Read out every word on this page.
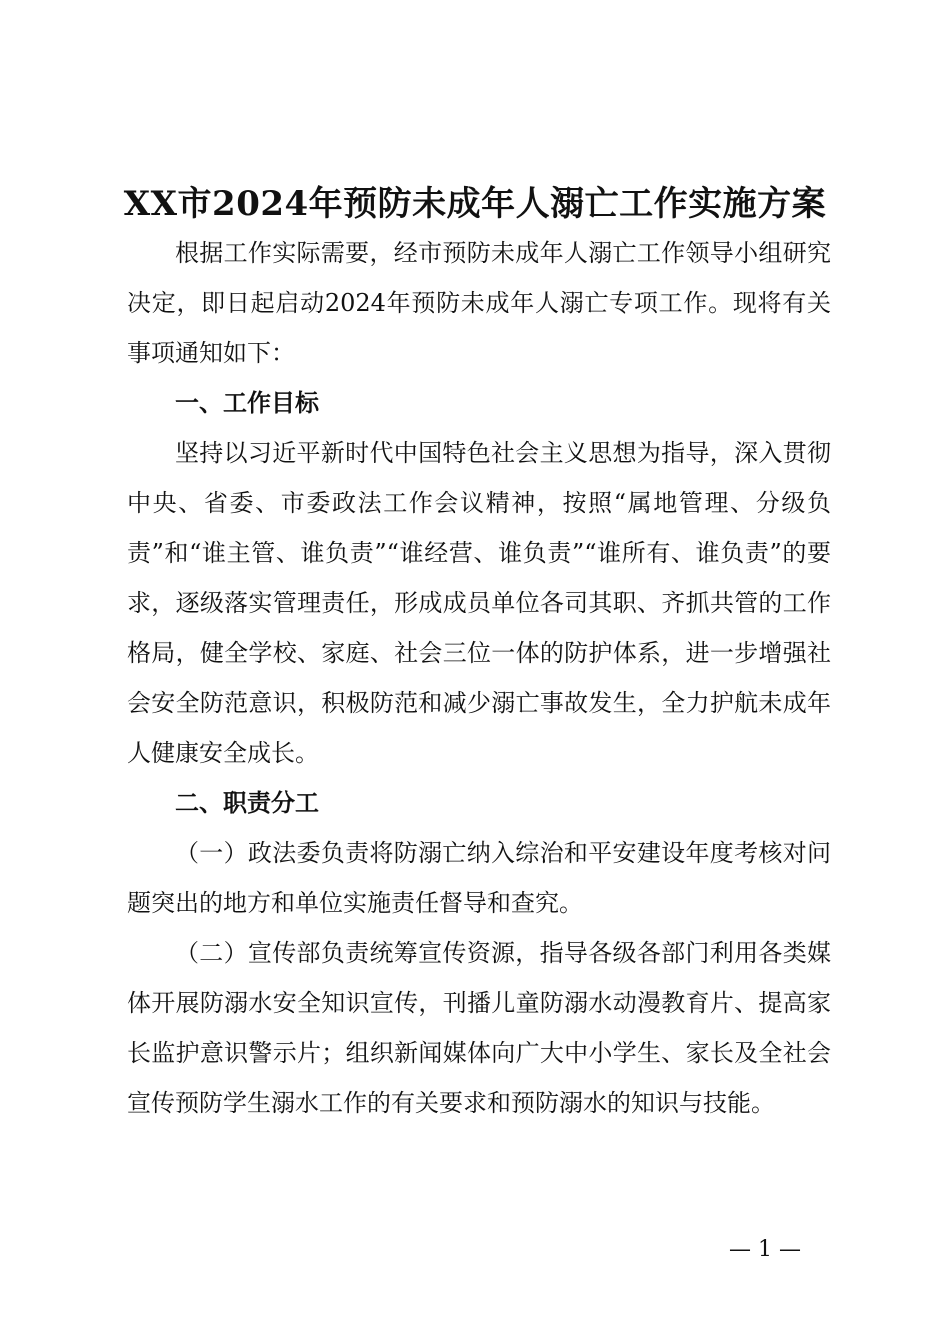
XX市2024年预防未成年人溺亡工作实施方案

根据工作实际需要，经市预防未成年人溺亡工作领导小组研究决定，即日起启动2024年预防未成年人溺亡专项工作。现将有关事项通知如下：

一、工作目标

坚持以习近平新时代中国特色社会主义思想为指导，深入贯彻中央、省委、市委政法工作会议精神，按照“属地管理、分级负责”和“谁主管、谁负责”“谁经营、谁负责”“谁所有、谁负责”的要求，逐级落实管理责任，形成成员单位各司其职、齐抓共管的工作格局，健全学校、家庭、社会三位一体的防护体系，进一步增强社会安全防范意识，积极防范和减少溺亡事故发生，全力护航未成年人健康安全成长。

二、职责分工

（一）政法委负责将防溺亡纳入综治和平安建设年度考核对问题突出的地方和单位实施责任督导和查究。

（二）宣传部负责统筹宣传资源，指导各级各部门利用各类媒体开展防溺水安全知识宣传，刊播儿童防溺水动漫教育片、提高家长监护意识警示片；组织新闻媒体向广大中小学生、家长及全社会宣传预防学生溺水工作的有关要求和预防溺水的知识与技能。

— 1 —
